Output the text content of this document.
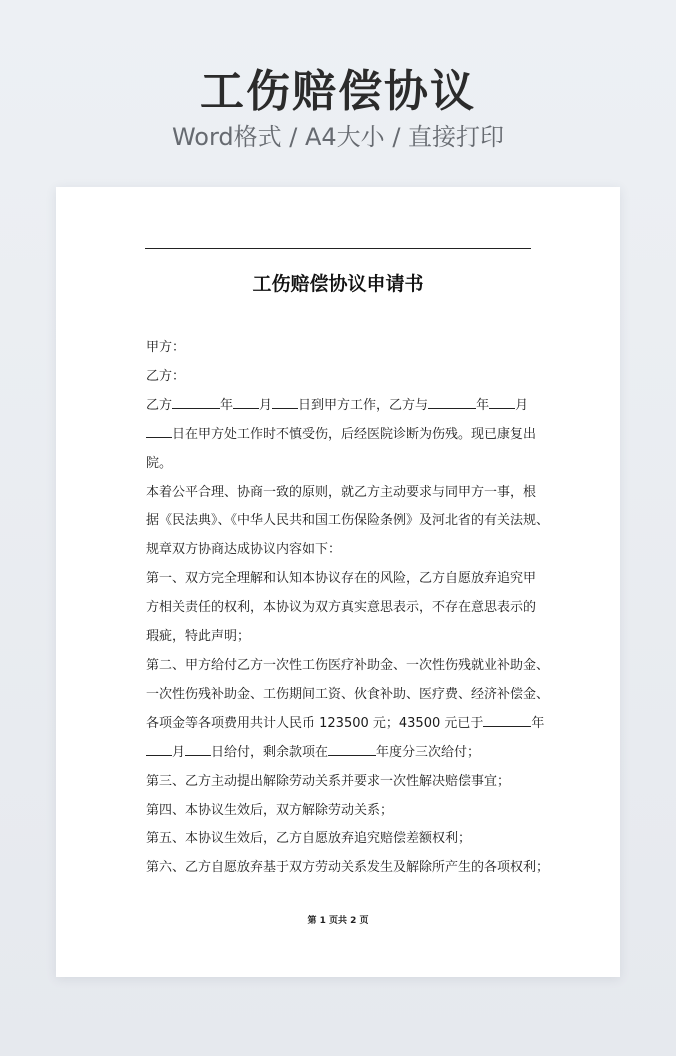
工伤赔偿协议
Word格式 / A4大小 / 直接打印
工伤赔偿协议申请书

甲方：

乙方：

乙方	年 月 日到甲方工作，乙方与	年 月

日在甲方处工作时不慎受伤，后经医院诊断为伤残。现已康复出

院。

本着公平合理、协商一致的原则，就乙方主动要求与同甲方一事，根

据《民法典》、《中华人民共和国工伤保险条例》及河北省的有关法规、

规章双方协商达成协议内容如下：

第一、双方完全理解和认知本协议存在的风险，乙方自愿放弃追究甲

方相关责任的权利，本协议为双方真实意思表示，不存在意思表示的

瑕疵，特此声明；

第二、甲方给付乙方一次性工伤医疗补助金、一次性伤残就业补助金、

一次性伤残补助金、工伤期间工资、伙食补助、医疗费、经济补偿金、

各项金等各项费用共计人民币 123500 元；43500 元已于	年

月 日给付，剩余款项在	年度分三次给付；

第三、乙方主动提出解除劳动关系并要求一次性解决赔偿事宜；

第四、本协议生效后，双方解除劳动关系；

第五、本协议生效后，乙方自愿放弃追究赔偿差额权利；

第六、乙方自愿放弃基于双方劳动关系发生及解除所产生的各项权利；

第 1 页共 2 页
